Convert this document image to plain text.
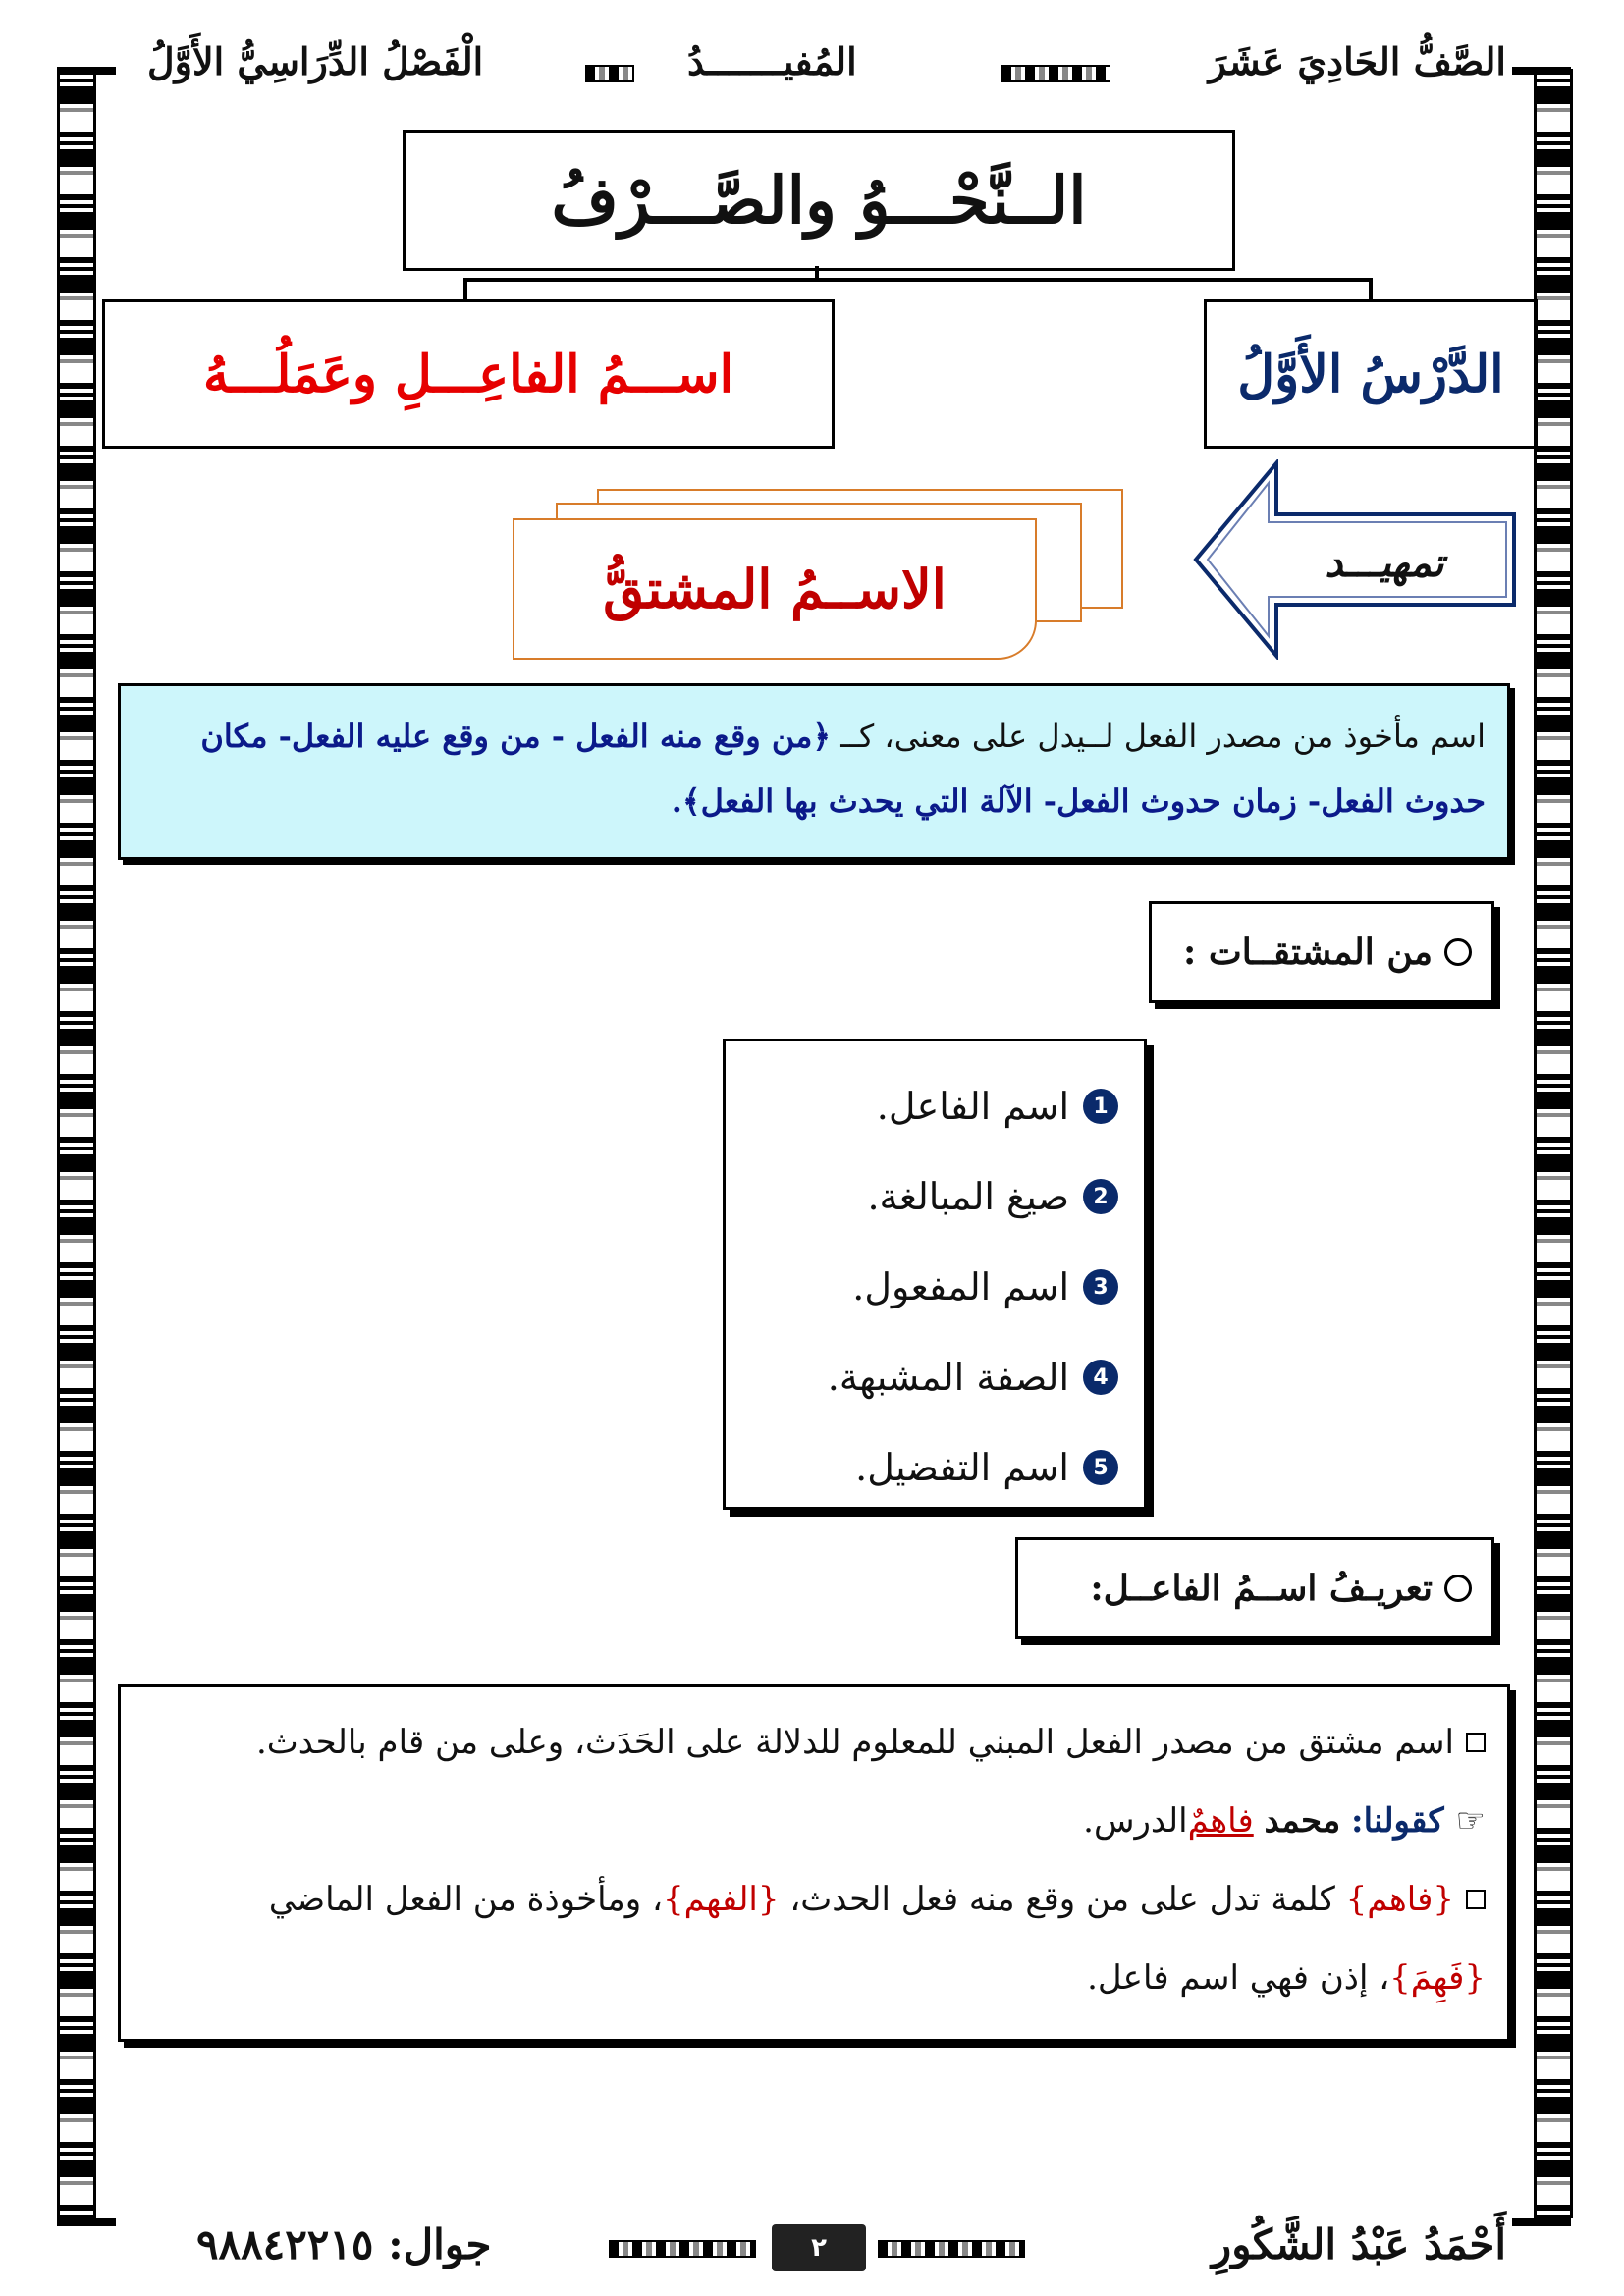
الصَّفُّ الحَادِيَ عَشَرَ
المُفيـــــــدُ
الْفَصْلُ الدِّرَاسِيُّ الأَوَّلُ
الــنَّحْـــوُ والصَّـــرْفُ
اســـمُ الفاعِـــلِ وعَمَلُـــهُ	الدَّرْسُ الأَوَّلُ
الاســمُ المشتقُّ	تمهيـــد
اسم مأخوذ من مصدر الفعل لــيدل على معنى، كــ ﴿من وقع منه الفعل - من وقع عليه الفعل- مكان حدوث الفعل- زمان حدوث الفعل- الآلة التي يحدث بها الفعل﴾.
من المشتقــات :
1
اسم الفاعل.
2
صيغ المبالغة.
3
اسم المفعول.
4
الصفة المشبهة.
5
اسم التفضيل.
تعريـفُ اســمُ الفاعــل:
اسم مشتق من مصدر الفعل المبني للمعلوم للدلالة على الحَدَث، وعلى من قام بالحدث.
☞
كقولنا:

محمد

فاهمٌ
الدرس.
{فاهم}

كلمة تدل على من وقع منه فعل الحدث،

{الفهم}
، ومأخوذة من الفعل الماضي
{فَهِمَ}
، إذن فهي اسم فاعل.
أَحْمَدُ عَبْدُ الشَّكُورِ
٢
جوال: ٩٨٨٤٢٢١٥
